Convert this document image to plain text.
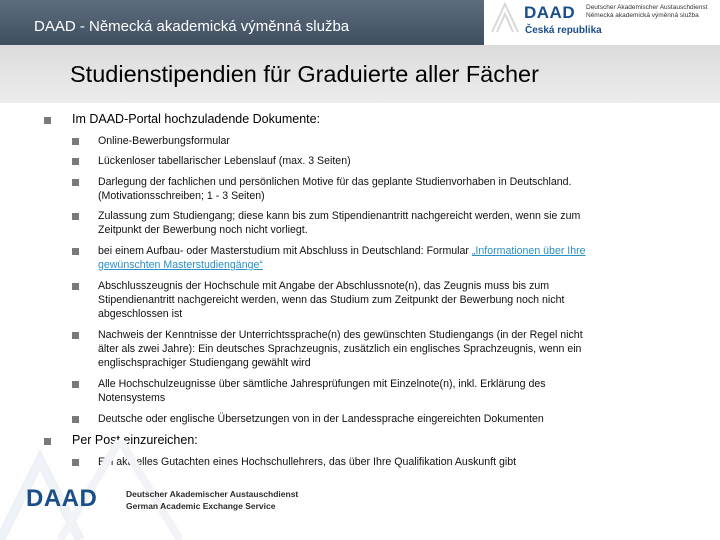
DAAD - Německá akademická výměnná služba
DAAD Deutscher Akademischer Austauschdienst
Německá akademická výměnná služba
Česká republika
Studienstipendien für Graduierte aller Fächer
Im DAAD-Portal hochzuladende Dokumente:
Online-Bewerbungsformular
Lückenloser tabellarischer Lebenslauf (max. 3 Seiten)
Darlegung der fachlichen und persönlichen Motive für das geplante Studienvorhaben in Deutschland.
(Motivationsschreiben; 1 - 3 Seiten)
Zulassung zum Studiengang; diese kann bis zum Stipendienantritt nachgereicht werden, wenn sie zum
Zeitpunkt der Bewerbung noch nicht vorliegt.
bei einem Aufbau- oder Masterstudium mit Abschluss in Deutschland: Formular „Informationen über Ihre
gewünschten Masterstudiengänge“
Abschlusszeugnis der Hochschule mit Angabe der Abschlussnote(n), das Zeugnis muss bis zum
Stipendienantritt nachgereicht werden, wenn das Studium zum Zeitpunkt der Bewerbung noch nicht
abgeschlossen ist
Nachweis der Kenntnisse der Unterrichtssprache(n) des gewünschten Studiengangs (in der Regel nicht
älter als zwei Jahre): Ein deutsches Sprachzeugnis, zusätzlich ein englisches Sprachzeugnis, wenn ein
englischsprachiger Studiengang gewählt wird
Alle Hochschulzeugnisse über sämtliche Jahresprüfungen mit Einzelnote(n), inkl. Erklärung des
Notensystems
Deutsche oder englische Übersetzungen von in der Landessprache eingereichten Dokumenten
Per Post einzureichen:
Ein aktuelles Gutachten eines Hochschullehrers, das über Ihre Qualifikation Auskunft gibt
DAAD	Deutscher Akademischer Austauschdienst
German Academic Exchange Service
